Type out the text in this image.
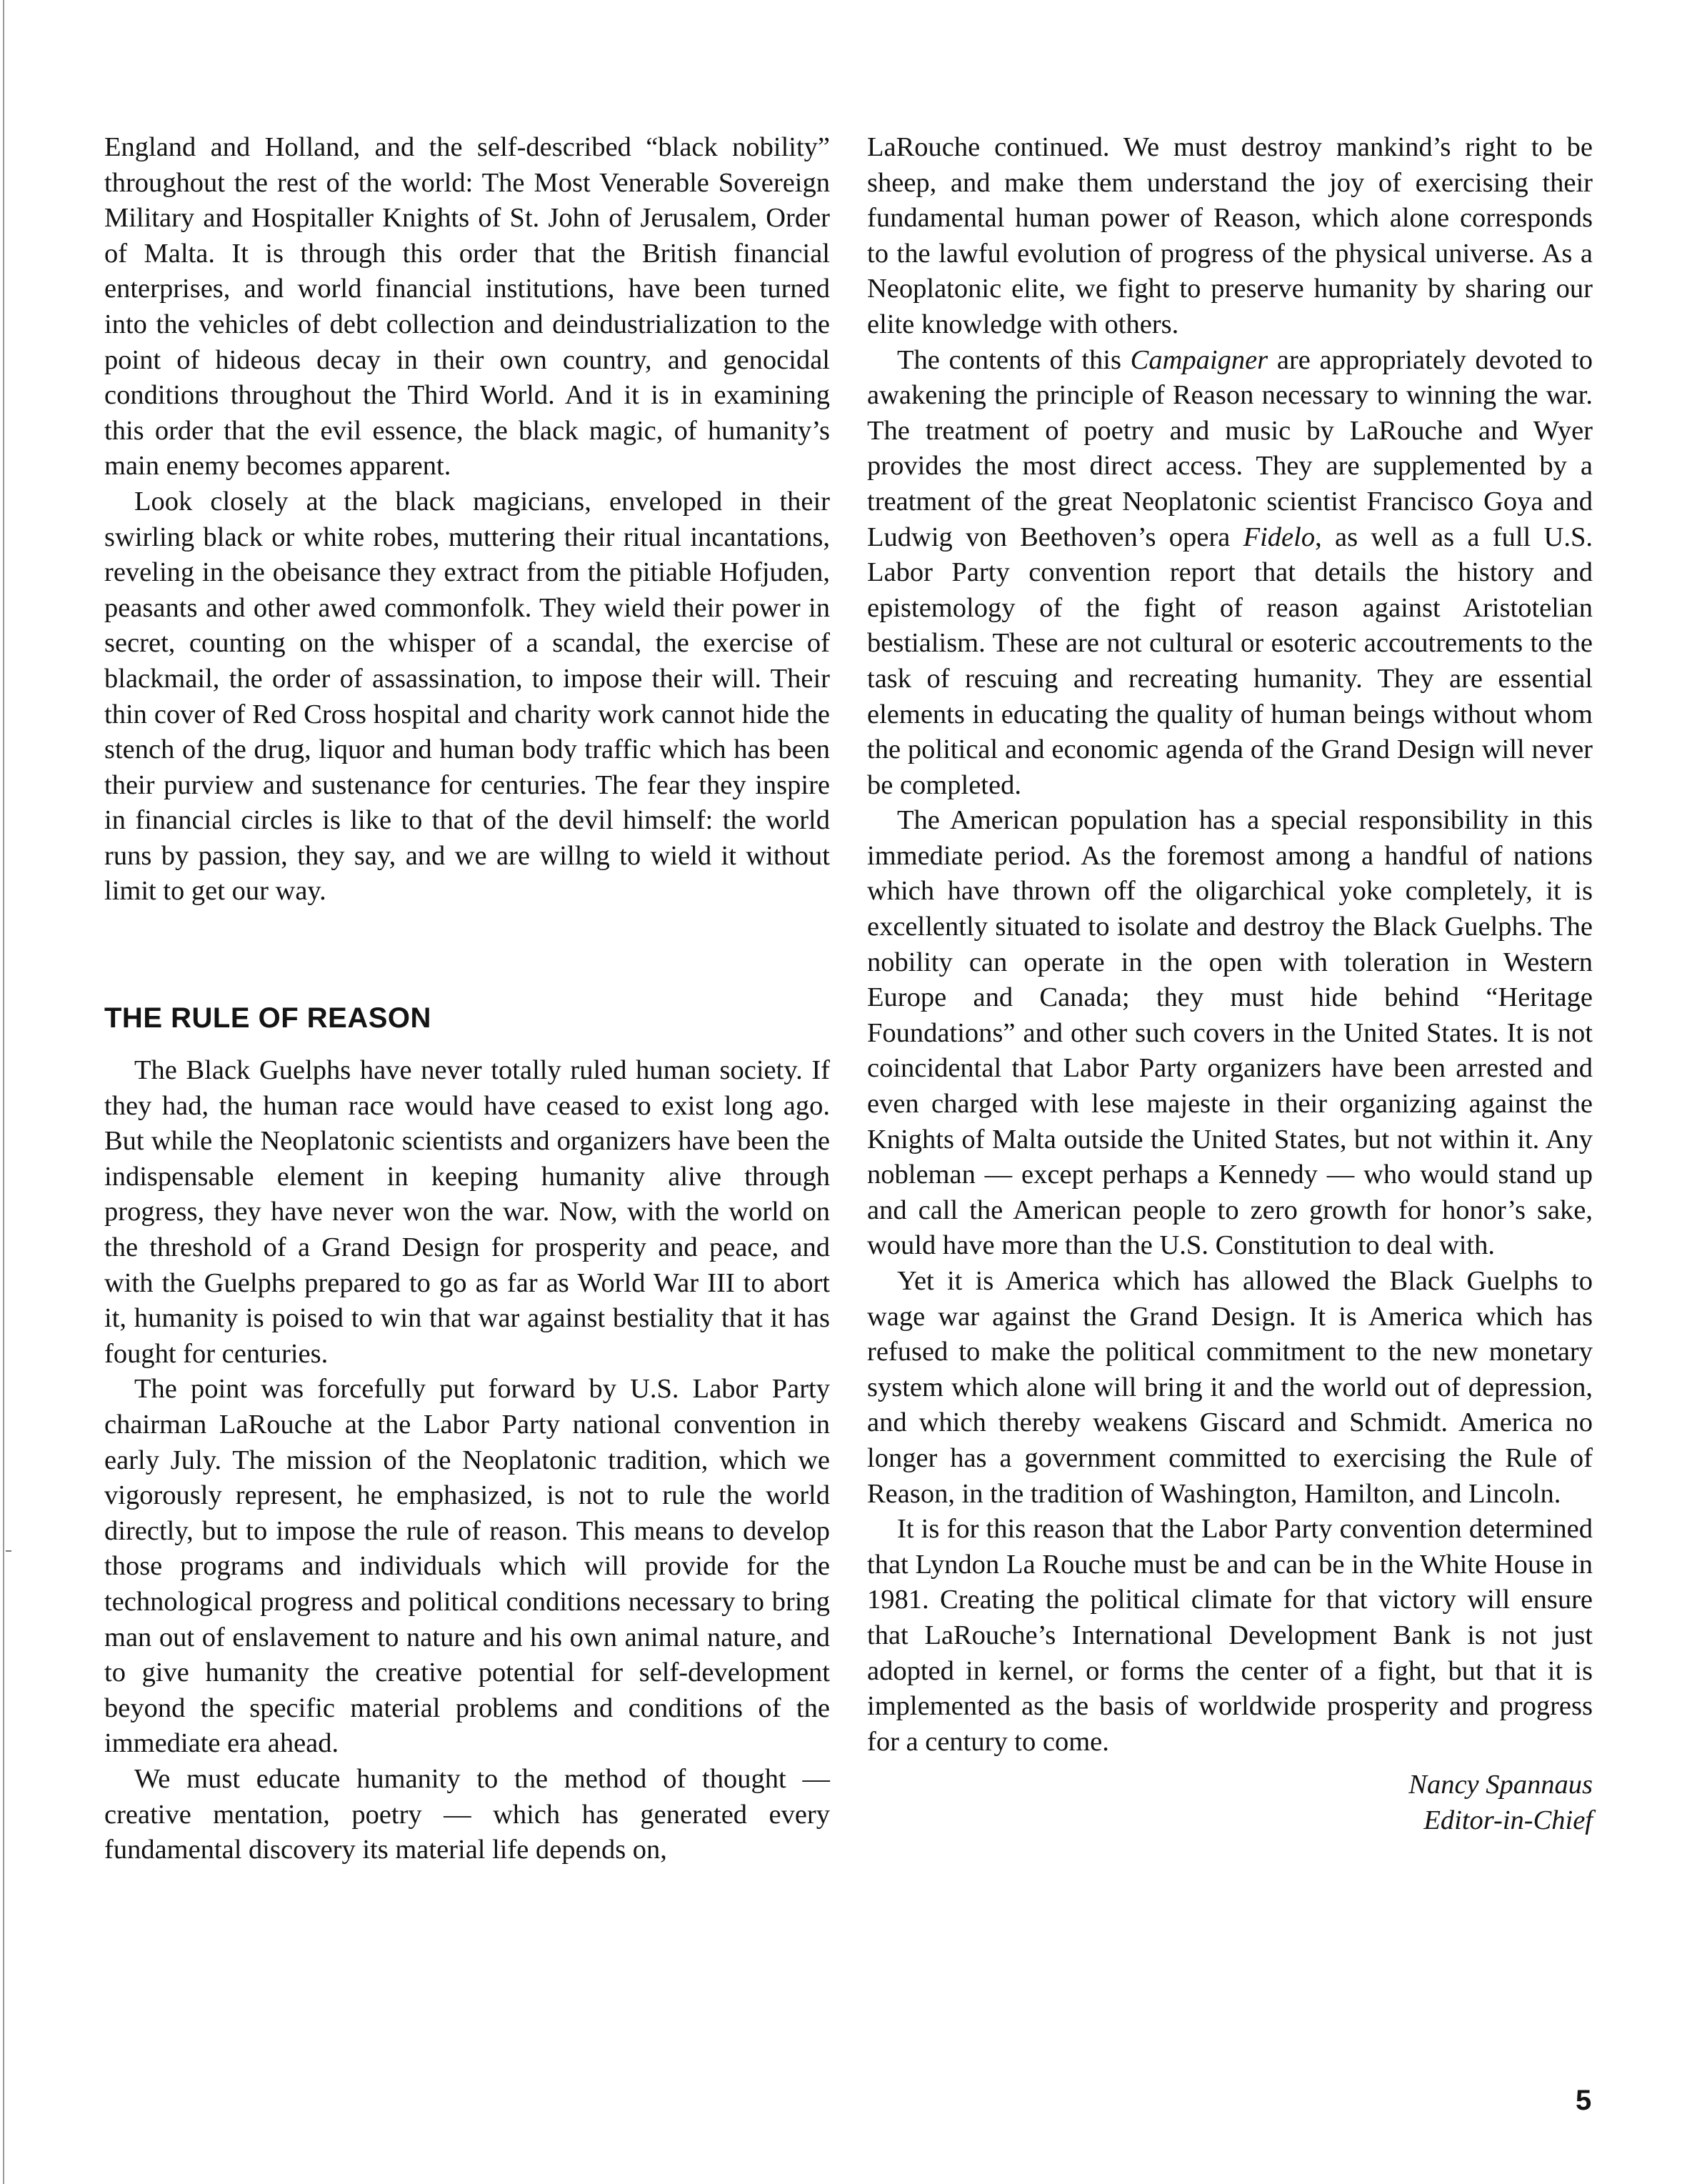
England and Holland, and the self-described “black nobility” throughout the rest of the world: The Most Venerable Sovereign Military and Hospitaller Knights of St. John of Jerusalem, Order of Malta. It is through this order that the British financial enterprises, and world financial institutions, have been turned into the vehicles of debt collection and deindustrialization to the point of hideous decay in their own country, and genocidal conditions throughout the Third World. And it is in examining this order that the evil essence, the black magic, of humanity’s main enemy becomes apparent.

Look closely at the black magicians, enveloped in their swirling black or white robes, muttering their ritual incantations, reveling in the obeisance they extract from the pitiable Hofjuden, peasants and other awed commonfolk. They wield their power in secret, counting on the whisper of a scandal, the exercise of blackmail, the order of assassination, to impose their will. Their thin cover of Red Cross hospital and charity work cannot hide the stench of the drug, liquor and human body traffic which has been their purview and sustenance for centuries. The fear they inspire in financial circles is like to that of the devil himself: the world runs by passion, they say, and we are willng to wield it without limit to get our way.

THE RULE OF REASON

The Black Guelphs have never totally ruled human society. If they had, the human race would have ceased to exist long ago. But while the Neoplatonic scientists and organizers have been the indispensable element in keeping humanity alive through progress, they have never won the war. Now, with the world on the threshold of a Grand Design for prosperity and peace, and with the Guelphs prepared to go as far as World War III to abort it, humanity is poised to win that war against bestiality that it has fought for centuries.

The point was forcefully put forward by U.S. Labor Party chairman LaRouche at the Labor Party national convention in early July. The mission of the Neoplatonic tradition, which we vigorously represent, he emphasized, is not to rule the world directly, but to impose the rule of reason. This means to develop those programs and individuals which will provide for the technological progress and political conditions necessary to bring man out of enslavement to nature and his own animal nature, and to give humanity the creative potential for self-development beyond the specific material problems and conditions of the immediate era ahead.

We must educate humanity to the method of thought — creative mentation, poetry — which has generated every fundamental discovery its material life depends on,

LaRouche continued. We must destroy mankind’s right to be sheep, and make them understand the joy of exercising their fundamental human power of Reason, which alone corresponds to the lawful evolution of progress of the physical universe. As a Neoplatonic elite, we fight to preserve humanity by sharing our elite knowledge with others.

The contents of this Campaigner are appropriately devoted to awakening the principle of Reason necessary to winning the war. The treatment of poetry and music by LaRouche and Wyer provides the most direct access. They are supplemented by a treatment of the great Neoplatonic scientist Francisco Goya and Ludwig von Beethoven’s opera Fidelo, as well as a full U.S. Labor Party convention report that details the history and epistemology of the fight of reason against Aristotelian bestialism. These are not cultural or esoteric accoutrements to the task of rescuing and recreating humanity. They are essential elements in educating the quality of human beings without whom the political and economic agenda of the Grand Design will never be completed.

The American population has a special responsibility in this immediate period. As the foremost among a handful of nations which have thrown off the oligarchical yoke completely, it is excellently situated to isolate and destroy the Black Guelphs. The nobility can operate in the open with toleration in Western Europe and Canada; they must hide behind “Heritage Foundations” and other such covers in the United States. It is not coincidental that Labor Party organizers have been arrested and even charged with lese majeste in their organizing against the Knights of Malta outside the United States, but not within it. Any nobleman — except perhaps a Kennedy — who would stand up and call the American people to zero growth for honor’s sake, would have more than the U.S. Constitution to deal with.

Yet it is America which has allowed the Black Guelphs to wage war against the Grand Design. It is America which has refused to make the political commitment to the new monetary system which alone will bring it and the world out of depression, and which thereby weakens Giscard and Schmidt. America no longer has a government committed to exercising the Rule of Reason, in the tradition of Washington, Hamilton, and Lincoln.

It is for this reason that the Labor Party convention determined that Lyndon La Rouche must be and can be in the White House in 1981. Creating the political climate for that victory will ensure that LaRouche’s International Development Bank is not just adopted in kernel, or forms the center of a fight, but that it is implemented as the basis of worldwide prosperity and progress for a century to come.

Nancy Spannaus
Editor-in-Chief
5
